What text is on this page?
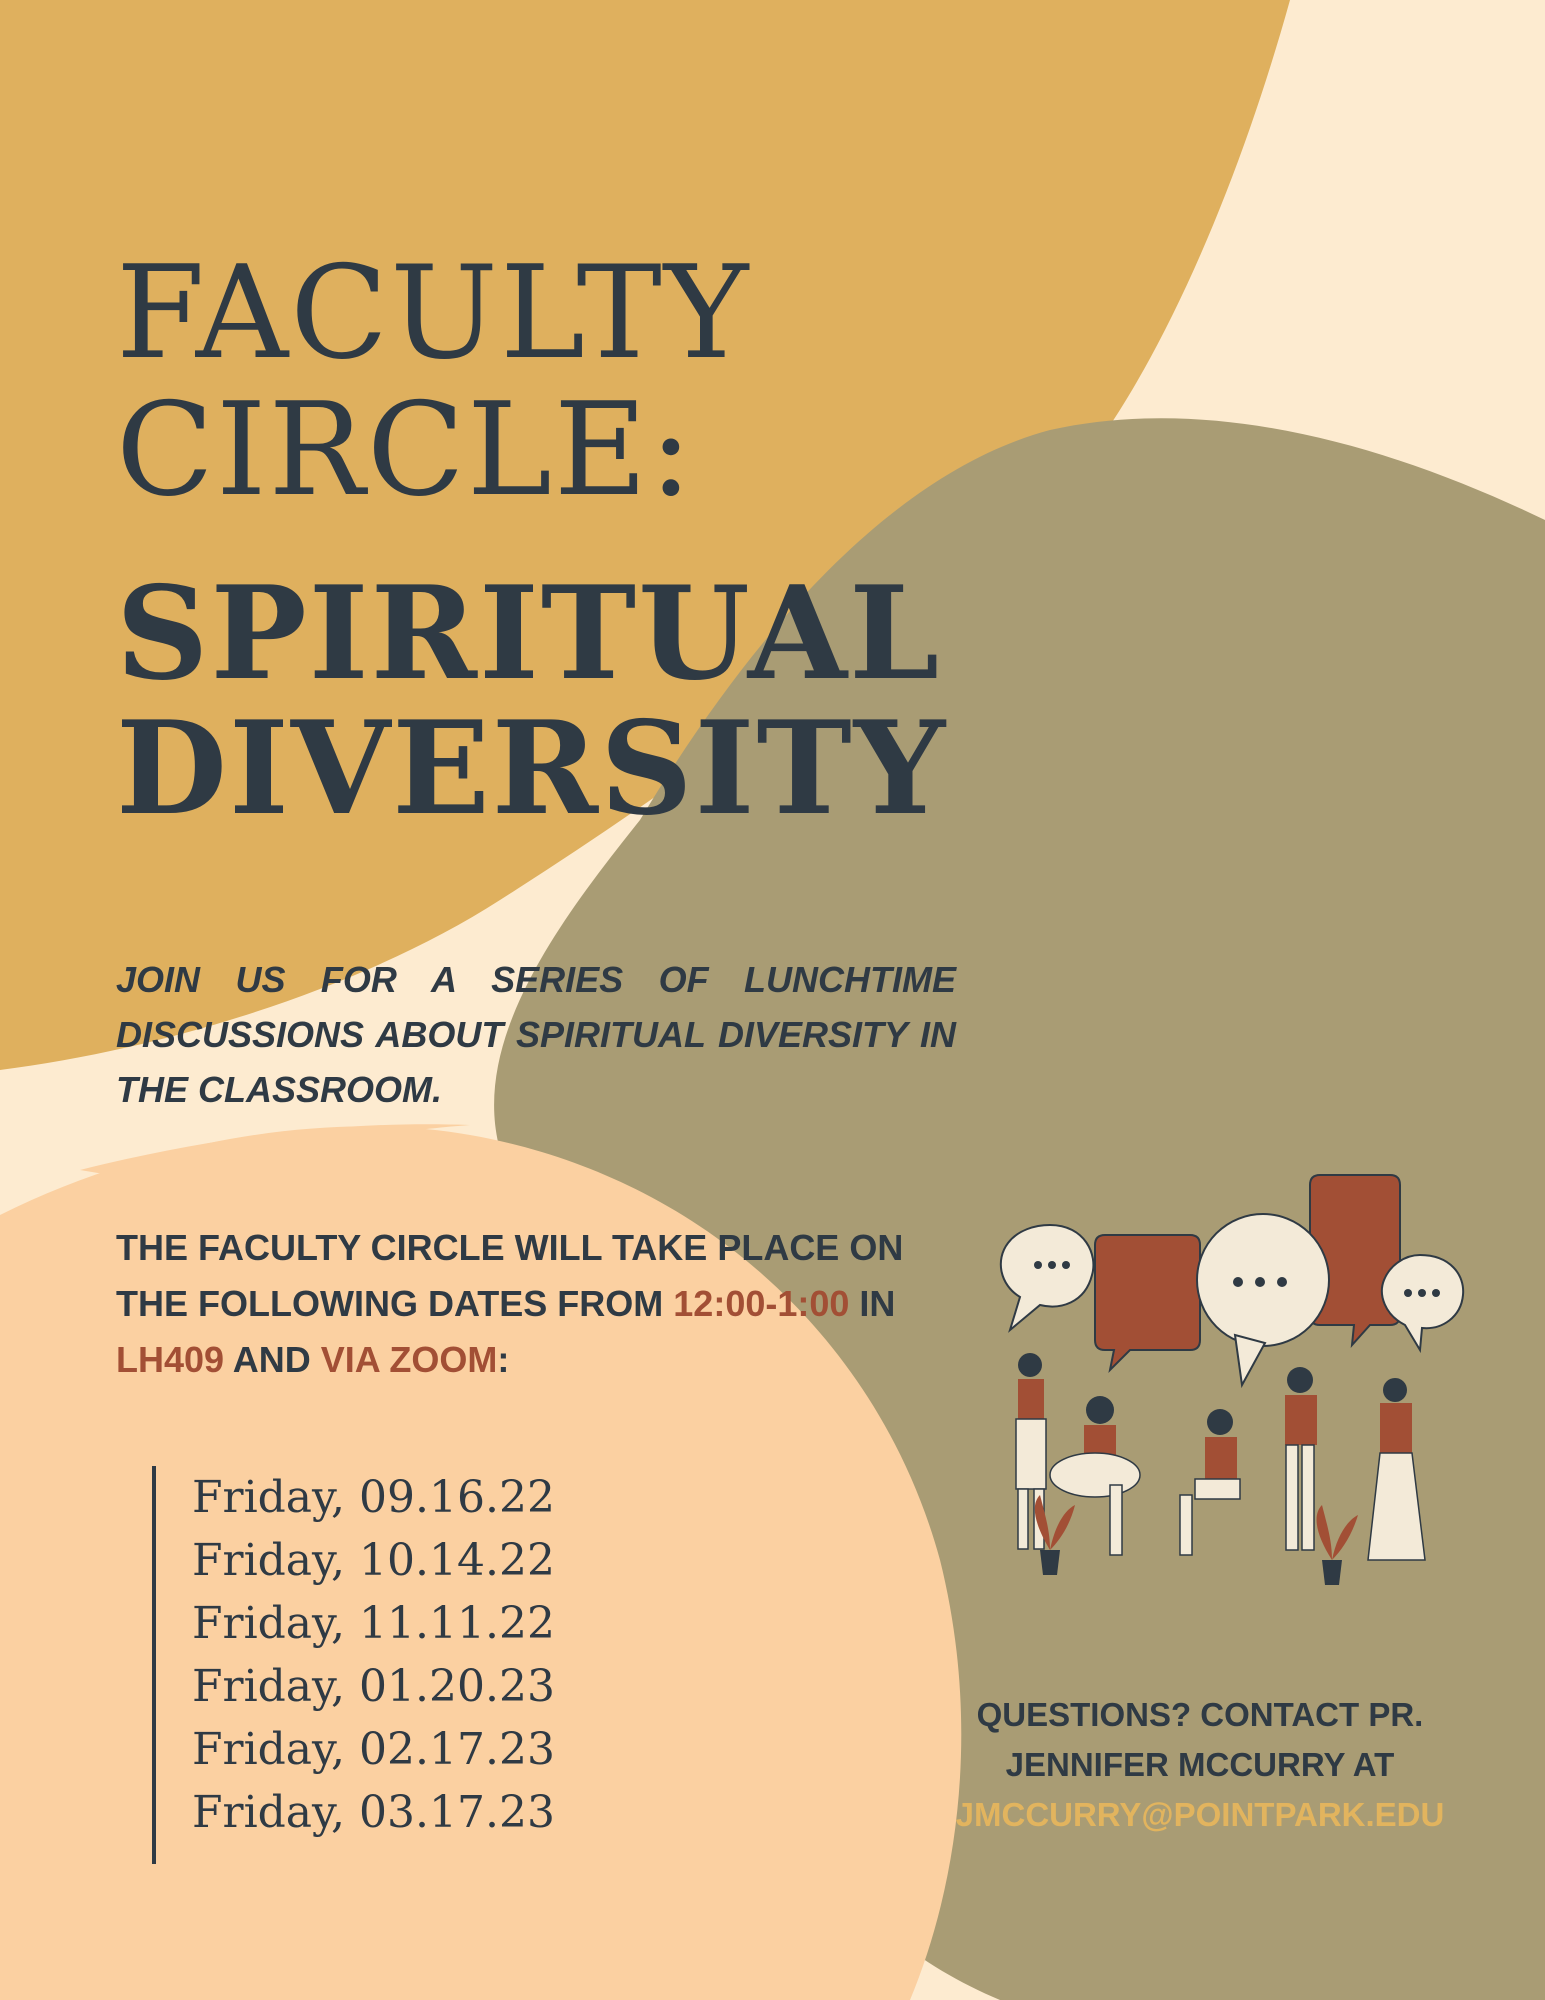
FACULTY
CIRCLE:
SPIRITUAL
DIVERSITY

JOIN US FOR A SERIES OF LUNCHTIME DISCUSSIONS ABOUT SPIRITUAL DIVERSITY IN THE CLASSROOM.

THE FACULTY CIRCLE WILL TAKE PLACE ON THE FOLLOWING DATES FROM 12:00-1:00 IN LH409 AND VIA ZOOM:

Friday, 09.16.22
Friday, 10.14.22
Friday, 11.11.22
Friday, 01.20.23
Friday, 02.17.23
Friday, 03.17.23

QUESTIONS? CONTACT PR.
JENNIFER MCCURRY AT

JMCCURRY@POINTPARK.EDU
